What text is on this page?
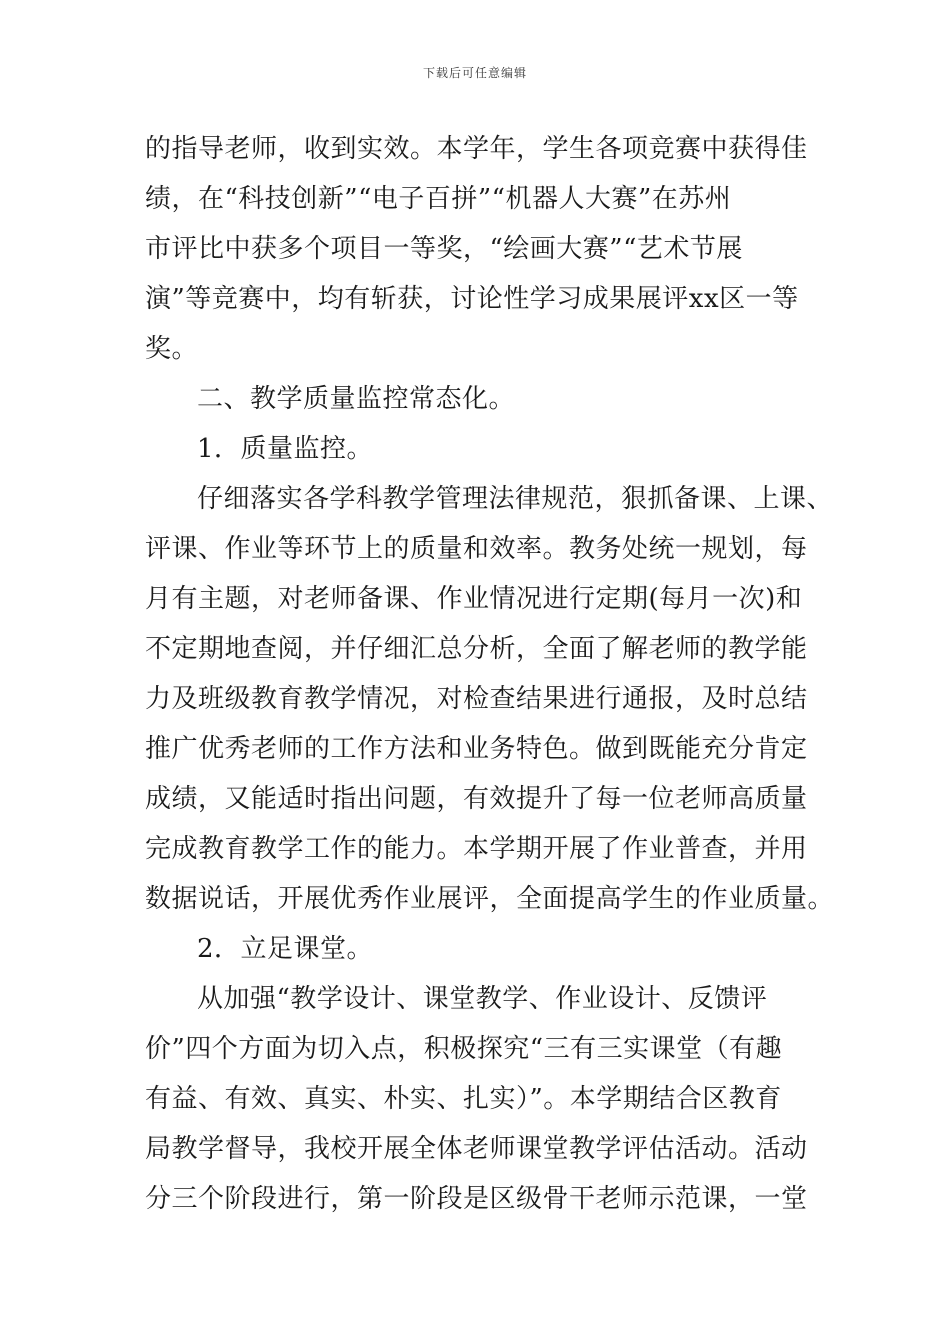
下载后可任意编辑
的指导老师，收到实效。本学年，学生各项竞赛中获得佳
绩，在“科技创新”“电子百拼”“机器人大赛”在苏州
市评比中获多个项目一等奖，“绘画大赛”“艺术节展
演”等竞赛中，均有斩获，讨论性学习成果展评xx区一等
奖。
二、教学质量监控常态化。
1．质量监控。
仔细落实各学科教学管理法律规范，狠抓备课、上课、
评课、作业等环节上的质量和效率。教务处统一规划，每
月有主题，对老师备课、作业情况进行定期(每月一次)和
不定期地查阅，并仔细汇总分析，全面了解老师的教学能
力及班级教育教学情况，对检查结果进行通报，及时总结
推广优秀老师的工作方法和业务特色。做到既能充分肯定
成绩，又能适时指出问题，有效提升了每一位老师高质量
完成教育教学工作的能力。本学期开展了作业普查，并用
数据说话，开展优秀作业展评，全面提高学生的作业质量。
2．立足课堂。
从加强“教学设计、课堂教学、作业设计、反馈评
价”四个方面为切入点，积极探究“三有三实课堂（有趣
有益、有效、真实、朴实、扎实）”。本学期结合区教育
局教学督导，我校开展全体老师课堂教学评估活动。活动
分三个阶段进行，第一阶段是区级骨干老师示范课，一堂
